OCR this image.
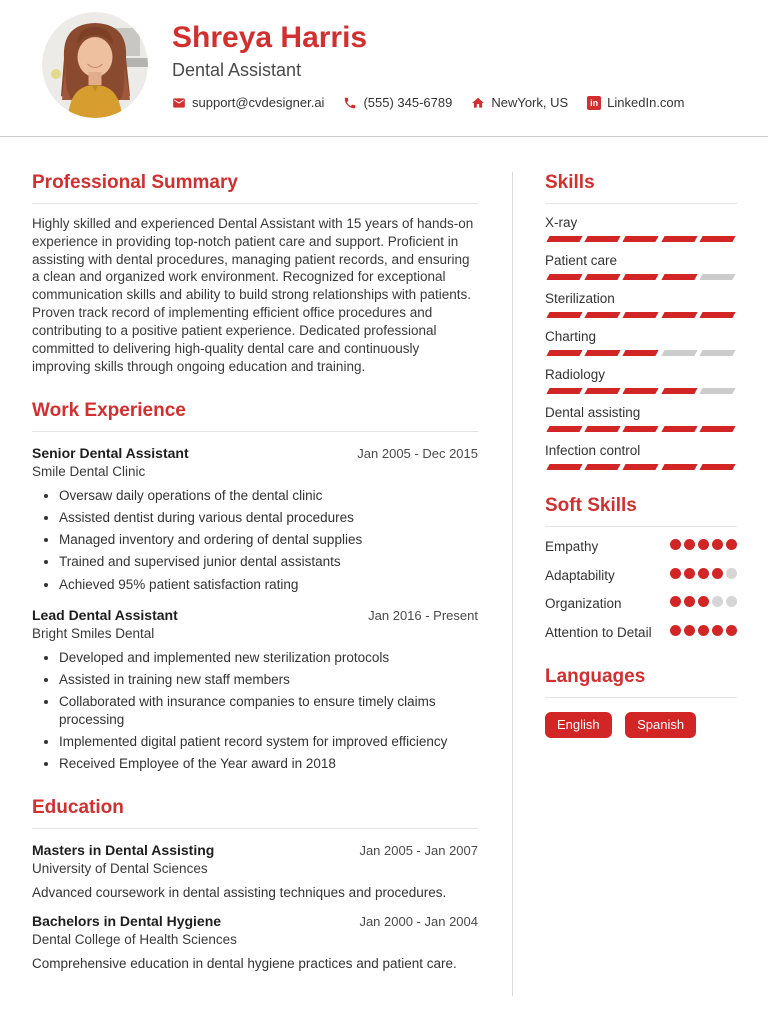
Shreya Harris
Dental Assistant
support@cvdesigner.ai	(555) 345-6789	NewYork, US	in LinkedIn.com
Professional Summary

Highly skilled and experienced Dental Assistant with 15 years of hands-on experience in providing top-notch patient care and support. Proficient in assisting with dental procedures, managing patient records, and ensuring a clean and organized work environment. Recognized for exceptional communication skills and ability to build strong relationships with patients. Proven track record of implementing efficient office procedures and contributing to a positive patient experience. Dedicated professional committed to delivering high-quality dental care and continuously improving skills through ongoing education and training.

Work Experience
Senior Dental Assistant	Jan 2005 - Dec 2015
Smile Dental Clinic
• Oversaw daily operations of the dental clinic
• Assisted dentist during various dental procedures
• Managed inventory and ordering of dental supplies
• Trained and supervised junior dental assistants
• Achieved 95% patient satisfaction rating
Lead Dental Assistant	Jan 2016 - Present
Bright Smiles Dental
• Developed and implemented new sterilization protocols
• Assisted in training new staff members
• Collaborated with insurance companies to ensure timely claims processing
• Implemented digital patient record system for improved efficiency
• Received Employee of the Year award in 2018
Education
Masters in Dental Assisting	Jan 2005 - Jan 2007
University of Dental Sciences

Advanced coursework in dental assisting techniques and procedures.

Bachelors in Dental Hygiene	Jan 2000 - Jan 2004
Dental College of Health Sciences

Comprehensive education in dental hygiene practices and patient care.

Skills
X-ray
Patient care
Sterilization
Charting
Radiology
Dental assisting
Infection control
Soft Skills
Empathy
Adaptability
Organization
Attention to Detail
Languages
English	Spanish
